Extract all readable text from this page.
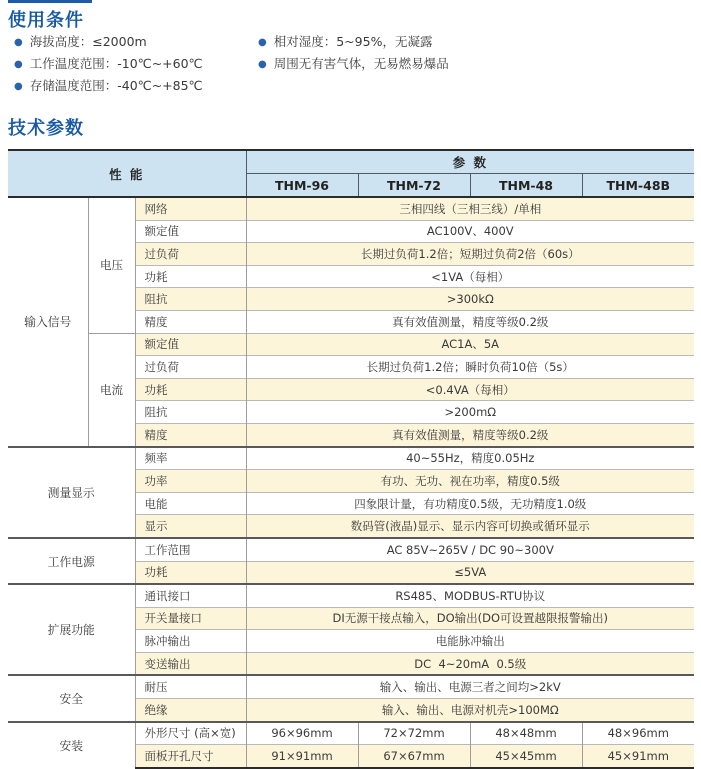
使用条件
● 海拔高度：≤2000m
● 工作温度范围：-10℃~+60℃
● 存储温度范围：-40℃~+85℃
● 相对湿度：5~95%，无凝露
● 周围无有害气体，无易燃易爆品
技术参数
性 能			参 数			
			THM-96	THM-72	THM-48	THM-48B
输入信号	电压	网络	三相四线（三相三线）/单相			
		额定值	AC100V、400V			
		过负荷	长期过负荷1.2倍；短期过负荷2倍（60s）			
		功耗	<1VA（每相）			
		阻抗	>300kΩ			
		精度	真有效值测量，精度等级0.2级			
	电流	额定值	AC1A、5A			
		过负荷	长期过负荷1.2倍；瞬时负荷10倍（5s）			
		功耗	<0.4VA（每相）			
		阻抗	>200mΩ			
		精度	真有效值测量，精度等级0.2级			
测量显示		频率	40~55Hz，精度0.05Hz			
		功率	有功、无功、视在功率，精度0.5级			
		电能	四象限计量，有功精度0.5级，无功精度1.0级			
		显示	数码管(液晶)显示、显示内容可切换或循环显示			
工作电源		工作范围	AC 85V~265V / DC 90~300V			
		功耗	≤5VA			
扩展功能		通讯接口	RS485、MODBUS-RTU协议			
		开关量接口	DI无源干接点输入，DO输出(DO可设置越限报警输出)			
		脉冲输出	电能脉冲输出			
		变送输出	DC  4~20mA  0.5级			
安全		耐压	输入、输出、电源三者之间均>2kV			
		绝缘	输入、输出、电源对机壳>100MΩ			
安装		外形尺寸 (高×宽)	96×96mm	72×72mm	48×48mm	48×96mm
		面板开孔尺寸	91×91mm	67×67mm	45×45mm	45×91mm
